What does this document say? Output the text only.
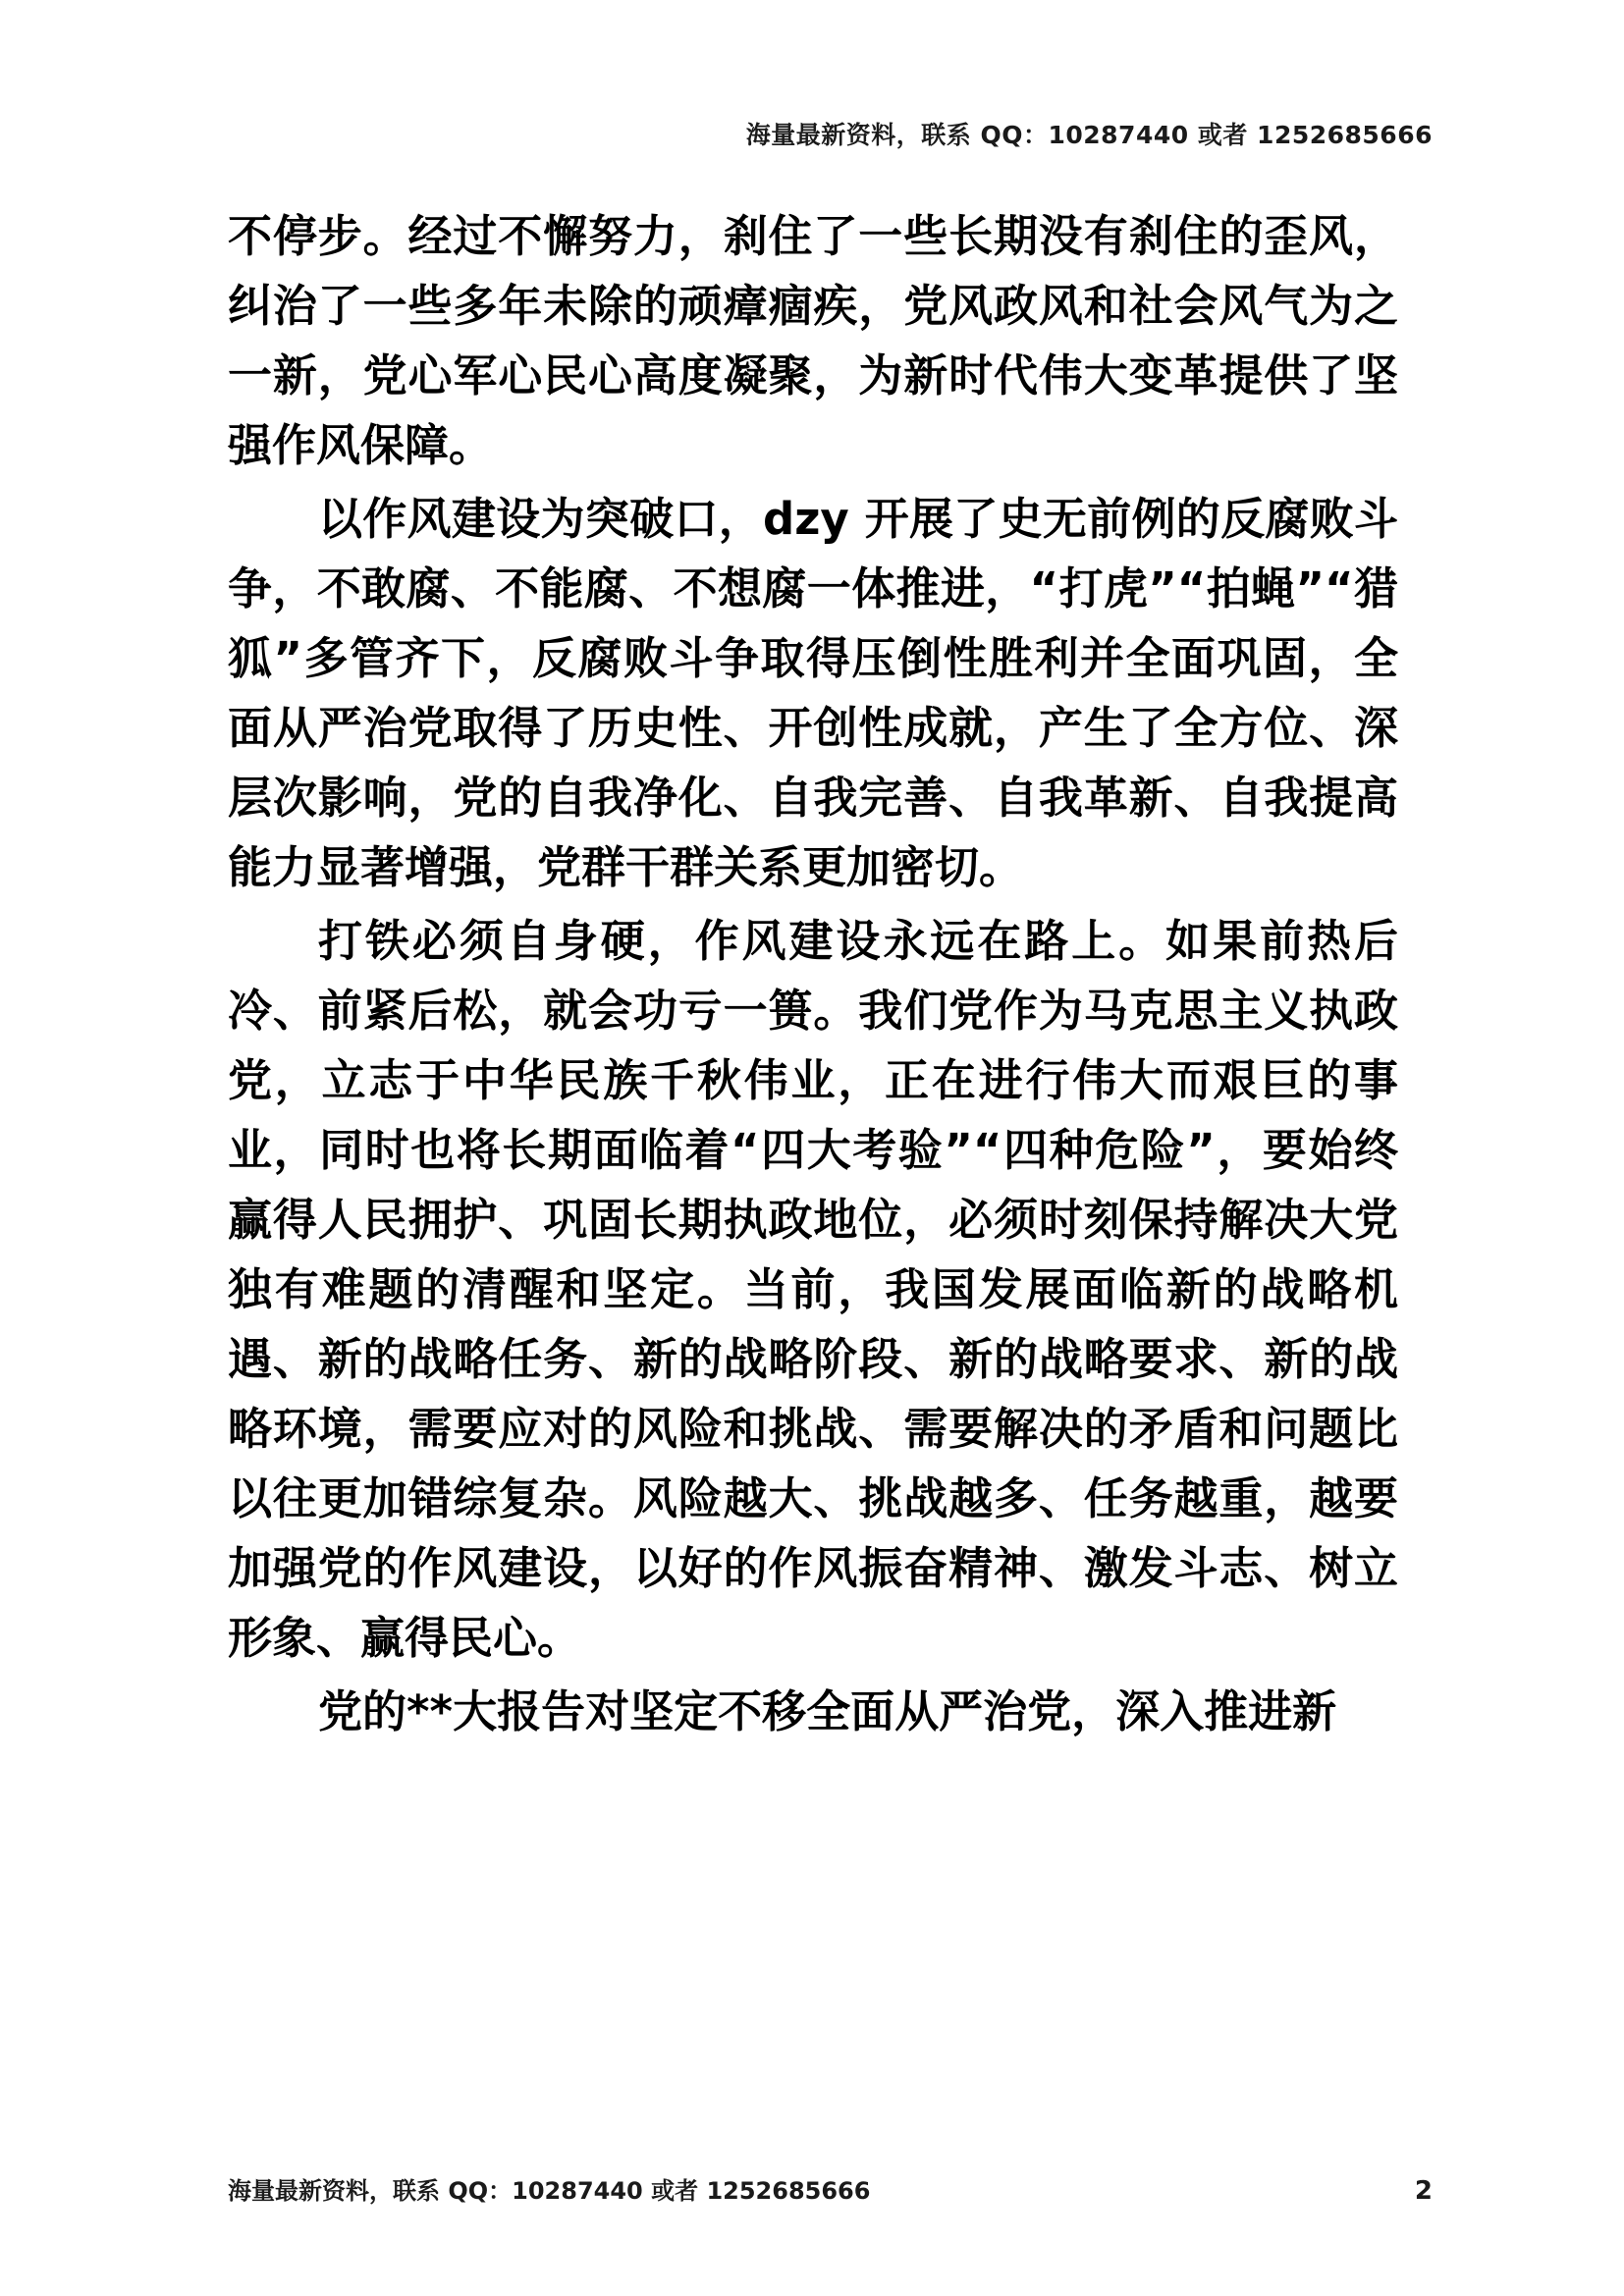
海量最新资料，联系 QQ：10287440 或者 1252685666

不停步。经过不懈努力，刹住了一些长期没有刹住的歪风，纠治了一些多年未除的顽瘴痼疾，党风政风和社会风气为之一新，党心军心民心高度凝聚，为新时代伟大变革提供了坚强作风保障。

以作风建设为突破口，dzy 开展了史无前例的反腐败斗争，不敢腐、不能腐、不想腐一体推进，“打虎”“拍蝇”“猎狐”多管齐下，反腐败斗争取得压倒性胜利并全面巩固，全面从严治党取得了历史性、开创性成就，产生了全方位、深层次影响，党的自我净化、自我完善、自我革新、自我提高能力显著增强，党群干群关系更加密切。

打铁必须自身硬，作风建设永远在路上。如果前热后冷、前紧后松，就会功亏一篑。我们党作为马克思主义执政党，立志于中华民族千秋伟业，正在进行伟大而艰巨的事业，同时也将长期面临着“四大考验”“四种危险”，要始终赢得人民拥护、巩固长期执政地位，必须时刻保持解决大党独有难题的清醒和坚定。当前，我国发展面临新的战略机遇、新的战略任务、新的战略阶段、新的战略要求、新的战略环境，需要应对的风险和挑战、需要解决的矛盾和问题比以往更加错综复杂。风险越大、挑战越多、任务越重，越要加强党的作风建设，以好的作风振奋精神、激发斗志、树立形象、赢得民心。

党的**大报告对坚定不移全面从严治党，深入推进新

海量最新资料，联系 QQ：10287440 或者 1252685666	2
